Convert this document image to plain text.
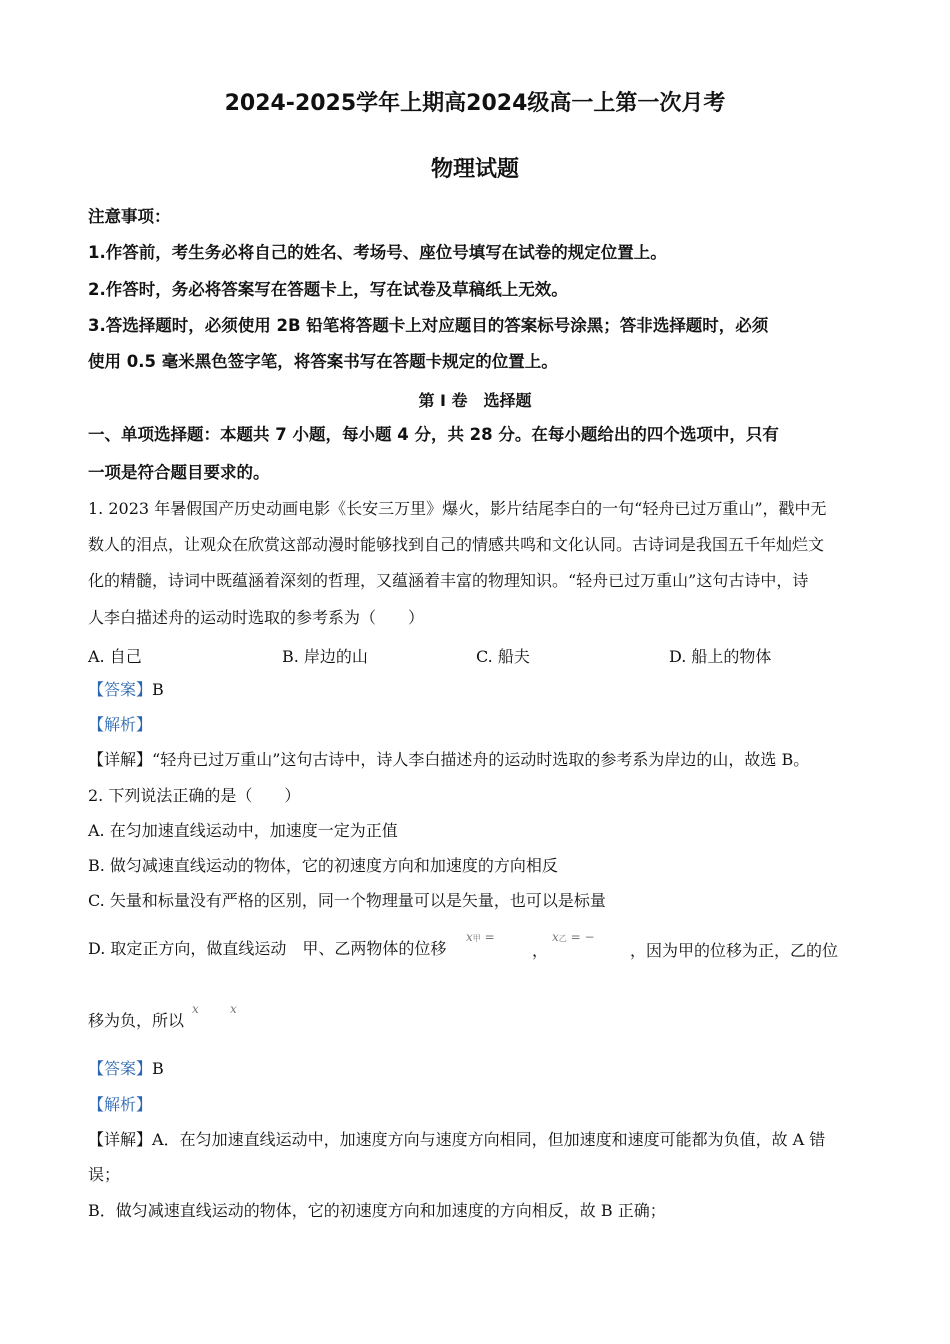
2024-2025学年上期高2024级高一上第一次月考
物理试题
注意事项：
1.作答前，考生务必将自己的姓名、考场号、座位号填写在试卷的规定位置上。
2.作答时，务必将答案写在答题卡上，写在试卷及草稿纸上无效。
3.答选择题时，必须使用 2B 铅笔将答题卡上对应题目的答案标号涂黑；答非选择题时，必须
使用 0.5 毫米黑色签字笔，将答案书写在答题卡规定的位置上。
第 I 卷　选择题
一、单项选择题：本题共 7 小题，每小题 4 分，共 28 分。在每小题给出的四个选项中，只有
一项是符合题目要求的。
1. 2023 年暑假国产历史动画电影《长安三万里》爆火，影片结尾李白的一句“轻舟已过万重山”，戳中无
数人的泪点，让观众在欣赏这部动漫时能够找到自己的情感共鸣和文化认同。古诗词是我国五千年灿烂文
化的精髓，诗词中既蕴涵着深刻的哲理，又蕴涵着丰富的物理知识。“轻舟已过万重山”这句古诗中，诗
人李白描述舟的运动时选取的参考系为（　　）
A. 自己	B. 岸边的山	C. 船夫	D. 船上的物体
【答案】B
【解析】
【详解】“轻舟已过万重山”这句古诗中，诗人李白描述舟的运动时选取的参考系为岸边的山，故选 B。
2. 下列说法正确的是（　　）
A. 在匀加速直线运动中，加速度一定为正值
B. 做匀减速直线运动的物体，它的初速度方向和加速度的方向相反
C. 矢量和标量没有严格的区别，同一个物理量可以是矢量，也可以是标量
D. 取定正方向，做直线运动　甲、乙两物体的位移
x甲 =
，
x乙 = −
，因为甲的位移为正，乙的位
移为负，所以
x	x
【答案】B
【解析】
【详解】A．在匀加速直线运动中，加速度方向与速度方向相同，但加速度和速度可能都为负值，故 A 错
误；
B．做匀减速直线运动的物体，它的初速度方向和加速度的方向相反，故 B 正确；
